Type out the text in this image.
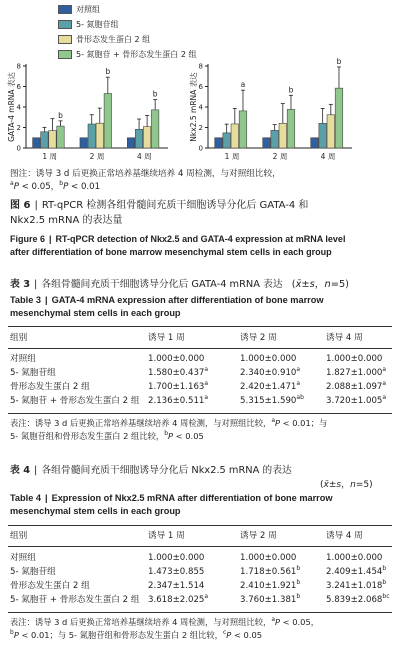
对照组
5- 氮胞苷组
骨形态发生蛋白 2 组
5- 氮胞苷 + 骨形态发生蛋白 2 组
0
2
4
6
8
GATA-4 mRNA 表达	b
1 周
b
2 周
b
4 周
0
2
4
6
8
Nkx2.5 mRNA 表达	a
1 周
b
2 周
b
4 周
图注：诱导 3 d 后更换正常培养基继续培养 4 周检测，与对照组比较，
$^a$P < 0.05，$^b$P < 0.01
图 6 | RT-qPCR 检测各组骨髓间充质干细胞诱导分化后 GATA-4 和
Nkx2.5 mRNA 的表达量
Figure 6 | RT-qPCR detection of Nkx2.5 and GATA-4 expression at mRNA level
after differentiation of bone marrow mesenchymal stem cells in each group
表 3 | 各组骨髓间充质干细胞诱导分化后 GATA-4 mRNA 表达 (x̄±s，n=5)
Table 3 | GATA-4 mRNA expression after differentiation of bone marrow
mesenchymal stem cells in each group
组别	诱导 1 周	诱导 2 周	诱导 4 周
对照组	1.000±0.000	1.000±0.000	1.000±0.000
5- 氮胞苷组	1.580±0.437$^a$	2.340±0.910$^a$	1.827±1.000$^a$
骨形态发生蛋白 2 组	1.700±1.163$^a$	2.420±1.471$^a$	2.088±1.097$^a$
5- 氮胞苷 + 骨形态发生蛋白 2 组 2.136±0.511$^a$	5.315±1.590$^{ab}$	3.720±1.005$^a$
表注：诱导 3 d 后更换正常培养基继续培养 4 周检测，与对照组比较，$^a$P < 0.01；与
5- 氮胞苷组和骨形态发生蛋白 2 组比较，$^b$P < 0.05
表 4 | 各组骨髓间充质干细胞诱导分化后 Nkx2.5 mRNA 的表达
(x̄±s，n=5)
Table 4 | Expression of Nkx2.5 mRNA after differentiation of bone marrow
mesenchymal stem cells in each group
组别	诱导 1 周	诱导 2 周	诱导 4 周
对照组	1.000±0.000	1.000±0.000	1.000±0.000
5- 氮胞苷组	1.473±0.855	1.718±0.561$^b$	2.409±1.454$^b$
骨形态发生蛋白 2 组	2.347±1.514	2.410±1.921$^b$	3.241±1.018$^b$
5- 氮胞苷 + 骨形态发生蛋白 2 组 3.618±2.025$^a$	3.760±1.381$^b$	5.839±2.068$^{bc}$
表注：诱导 3 d 后更换正常培养基继续培养 4 周检测，与对照组比较，$^a$P < 0.05，
$^b$P < 0.01；与 5- 氮胞苷组和骨形态发生蛋白 2 组比较，$^c$P < 0.05
